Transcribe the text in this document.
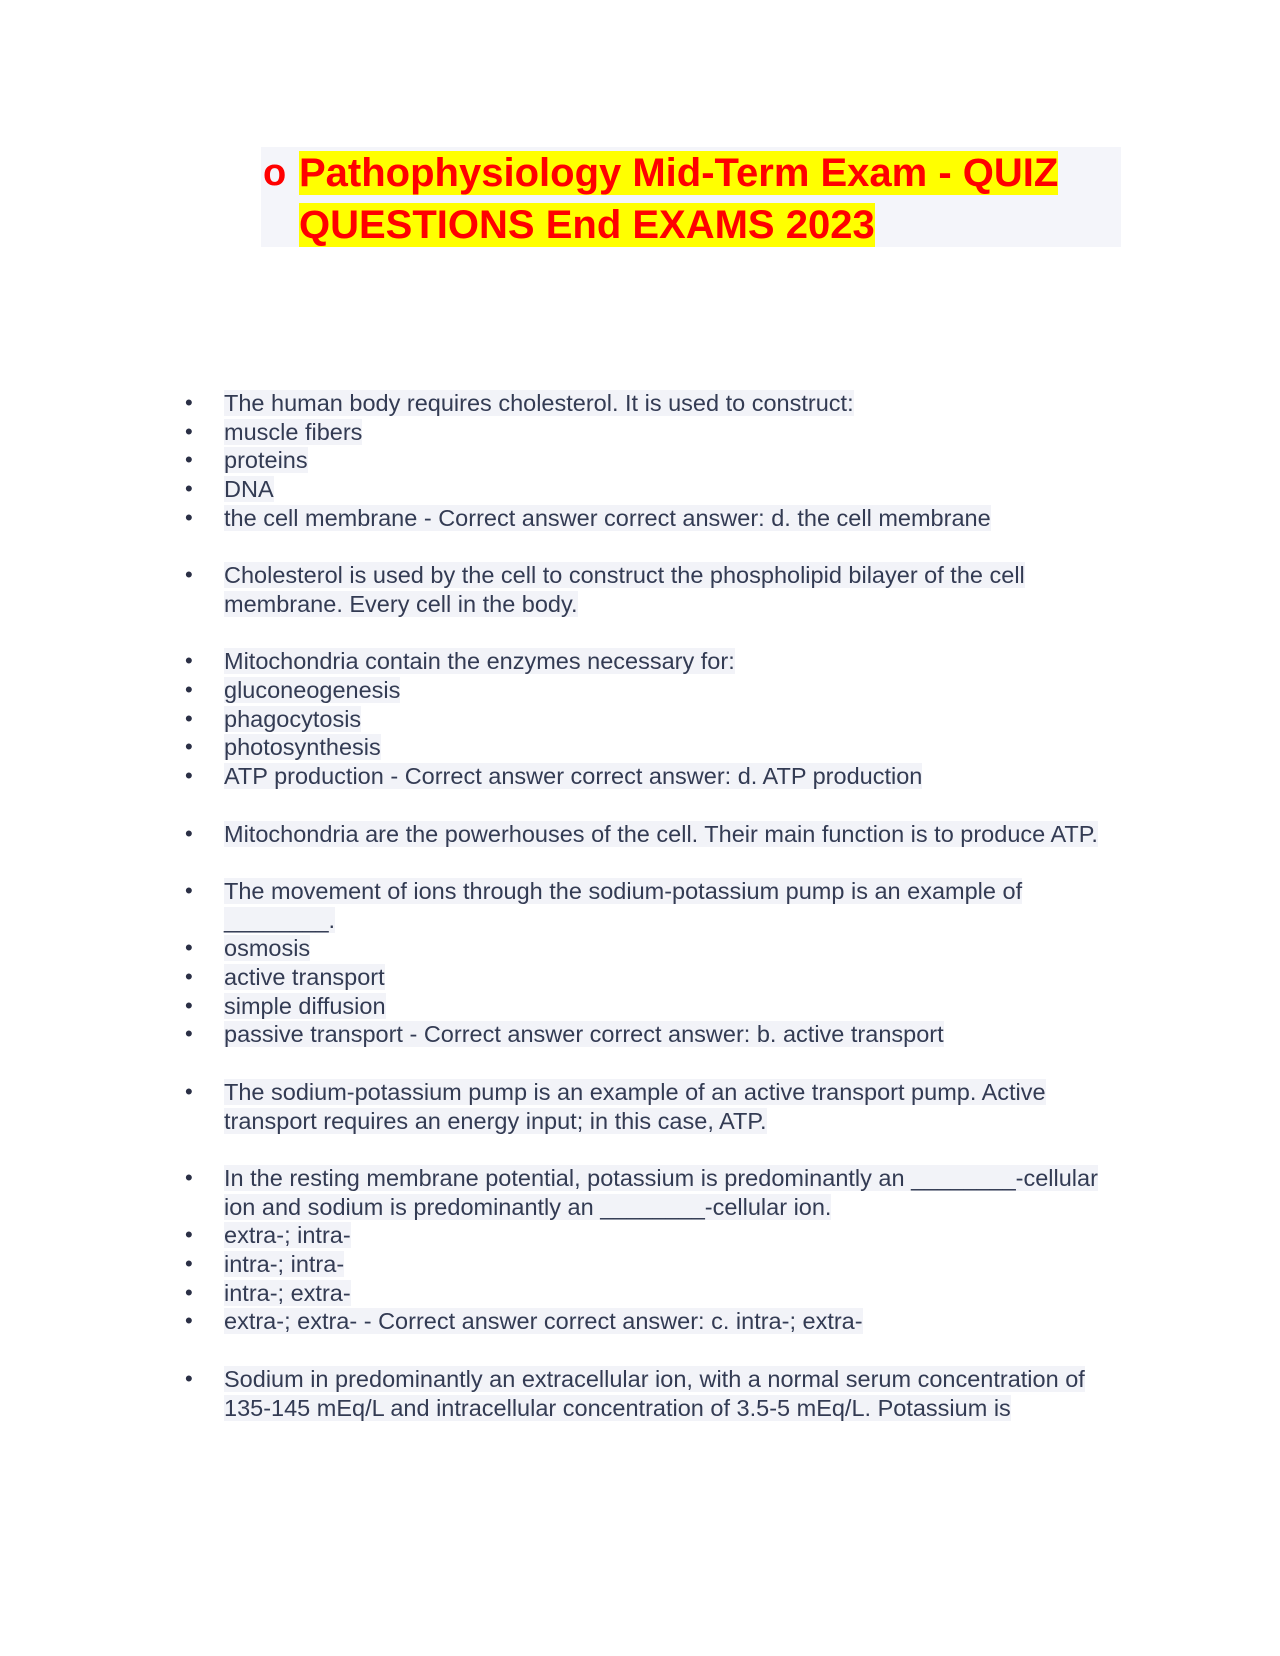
o Pathophysiology Mid-Term Exam - QUIZ QUESTIONS End EXAMS 2023
• The human body requires cholesterol. It is used to construct:
• muscle fibers
• proteins
• DNA
• the cell membrane - Correct answer correct answer: d. the cell membrane
• Cholesterol is used by the cell to construct the phospholipid bilayer of the cell membrane. Every cell in the body.
• Mitochondria contain the enzymes necessary for:
• gluconeogenesis
• phagocytosis
• photosynthesis
• ATP production - Correct answer correct answer: d. ATP production
• Mitochondria are the powerhouses of the cell. Their main function is to produce ATP.
• The movement of ions through the sodium-potassium pump is an example of ________.
• osmosis
• active transport
• simple diffusion
• passive transport - Correct answer correct answer: b. active transport
• The sodium-potassium pump is an example of an active transport pump. Active transport requires an energy input; in this case, ATP.
• In the resting membrane potential, potassium is predominantly an ________-cellular ion and sodium is predominantly an ________-cellular ion.
• extra-; intra-
• intra-; intra-
• intra-; extra-
• extra-; extra- - Correct answer correct answer: c. intra-; extra-
• Sodium in predominantly an extracellular ion, with a normal serum concentration of 135-145 mEq/L and intracellular concentration of 3.5-5 mEq/L. Potassium is
